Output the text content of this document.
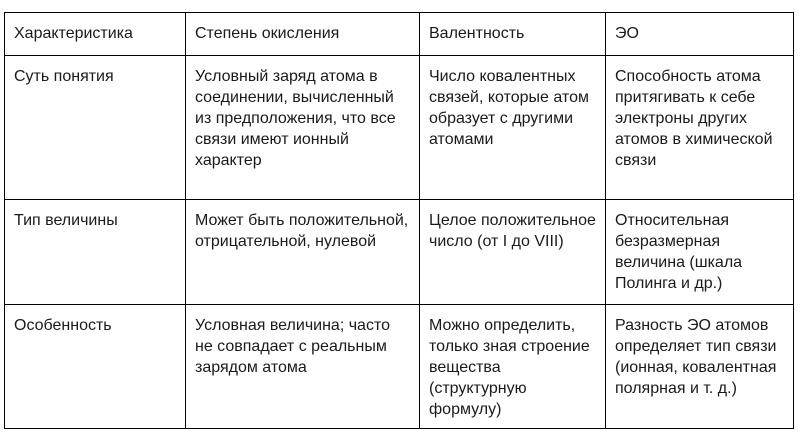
Характеристика	Степень окисления	Валентность	ЭО
Суть понятия	Условный заряд атома в соединении, вычисленный из предположения, что все связи имеют ионный характер	Число ковалентных связей, которые атом образует с другими атомами	Способность атома притягивать к себе электроны других атомов в химической связи
Тип величины	Может быть положительной, отрицательной, нулевой	Целое положительное число (от I до VIII)	Относительная безразмерная величина (шкала Полинга и др.)
Особенность	Условная величина; часто не совпадает с реальным зарядом атома	Можно определить, только зная строение вещества (структурную формулу)	Разность ЭО атомов определяет тип связи (ионная, ковалентная полярная и т. д.)
